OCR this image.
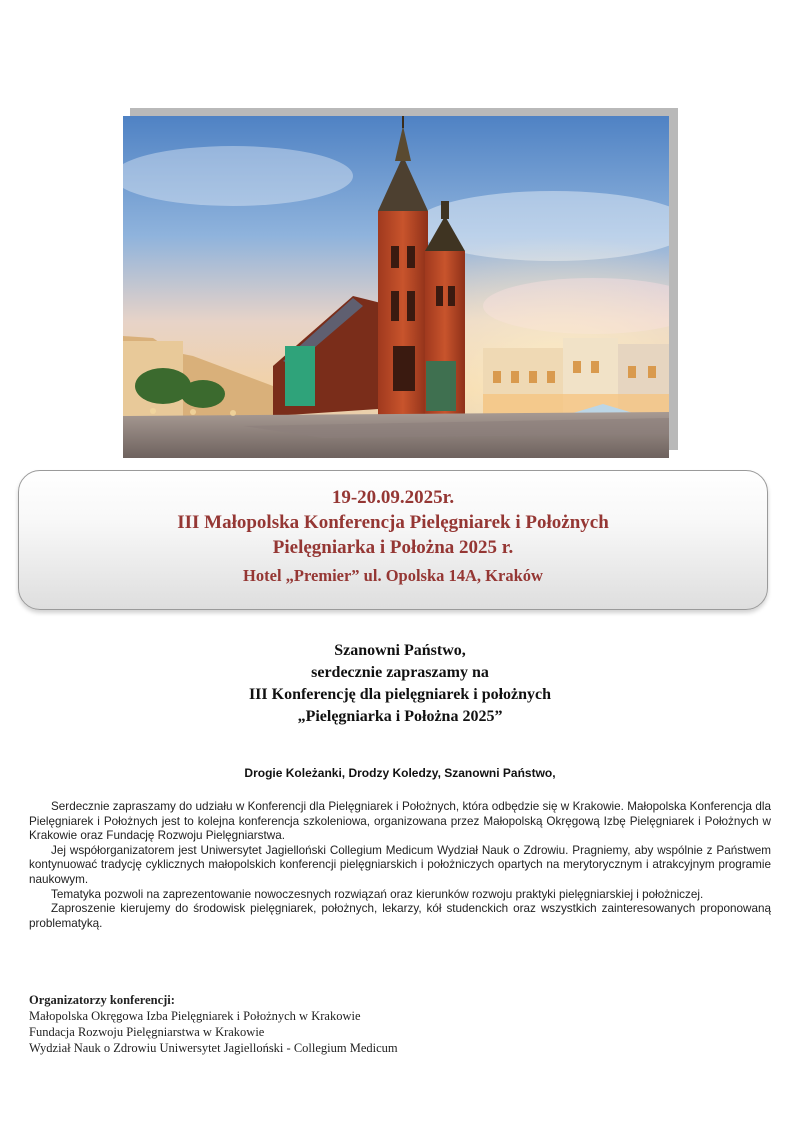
19-20.09.2025r.
III Małopolska Konferencja Pielęgniarek i Położnych
Pielęgniarka i Położna 2025 r.
Hotel „Premier” ul. Opolska 14A, Kraków
Szanowni Państwo,
serdecznie zapraszamy na
III Konferencję dla pielęgniarek i położnych
„Pielęgniarka i Położna 2025”
Drogie Koleżanki, Drodzy Koledzy, Szanowni Państwo,

Serdecznie zapraszamy do udziału w Konferencji dla Pielęgniarek i Położnych, która odbędzie się w Krakowie. Małopolska Konferencja dla Pielęgniarek i Położnych jest to kolejna konferencja szkoleniowa, organizowana przez Małopolską Okręgową Izbę Pielęgniarek i Położnych w Krakowie oraz Fundację Rozwoju Pielęgniarstwa.

Jej współorganizatorem jest Uniwersytet Jagielloński Collegium Medicum Wydział Nauk o Zdrowiu. Pragniemy, aby wspólnie z Państwem kontynuować tradycję cyklicznych małopolskich konferencji pielęgniarskich i położniczych opartych na merytorycznym i atrakcyjnym programie naukowym.

Tematyka pozwoli na zaprezentowanie nowoczesnych rozwiązań oraz kierunków rozwoju praktyki pielęgniarskiej i położniczej.

Zaproszenie kierujemy do środowisk pielęgniarek, położnych, lekarzy, kół studenckich oraz wszystkich zainteresowanych proponowaną problematyką.

Organizatorzy konferencji:
Małopolska Okręgowa Izba Pielęgniarek i Położnych w Krakowie
Fundacja Rozwoju Pielęgniarstwa w Krakowie
Wydział Nauk o Zdrowiu Uniwersytet Jagielloński - Collegium Medicum
